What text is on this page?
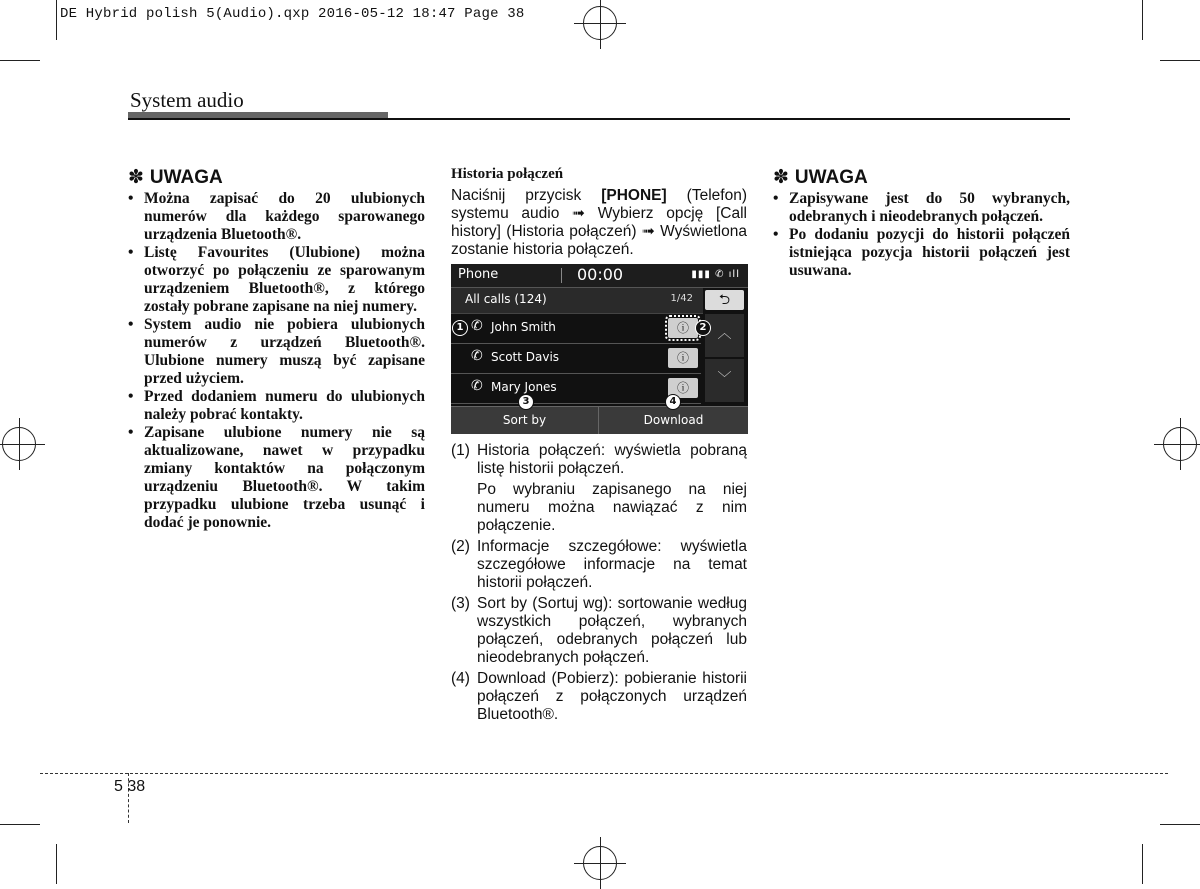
DE Hybrid polish 5(Audio).qxp 2016-05-12 18:47 Page 38
System audio
✽ UWAGA
• Można zapisać do 20 ulubionych numerów dla każdego sparowanego urządzenia Bluetooth®.
• Listę Favourites (Ulubione) można otworzyć po połączeniu ze sparowanym urządzeniem Bluetooth®, z którego zostały pobrane zapisane na niej numery.
• System audio nie pobiera ulubionych numerów z urządzeń Bluetooth®. Ulubione numery muszą być zapisane przed użyciem.
• Przed dodaniem numeru do ulubionych należy pobrać kontakty.
• Zapisane ulubione numery nie są aktualizowane, nawet w przypadku zmiany kontaktów na połączonym urządzeniu Bluetooth®. W takim przypadku ulubione trzeba usunąć i dodać je ponownie.
Historia połączeń
Naciśnij przycisk [PHONE] (Telefon) systemu audio ➟ Wybierz opcję [Call history] (Historia połączeń) ➟ Wyświetlona zostanie historia połączeń.
Phone	00:00	▮▮▮ ✆ ıll
All calls (124)	1/42	⮌
✆ John Smith	ⓘ
✆ Scott Davis	ⓘ
✆ Mary Jones	ⓘ
︿
﹀
Sort by	Download
1	2
3	4
(1) Historia połączeń: wyświetla pobraną listę historii połączeń.

Po wybraniu zapisanego na niej numeru można nawiązać z nim połączenie.

(2) Informacje szczegółowe: wyświetla szczegółowe informacje na temat historii połączeń.

(3) Sort by (Sortuj wg): sortowanie według wszystkich połączeń, wybranych połączeń, odebranych połączeń lub nieodebranych połączeń.

(4) Download (Pobierz): pobieranie historii połączeń z połączonych urządzeń Bluetooth®.

✽ UWAGA
• Zapisywane jest do 50 wybranych, odebranych i nieodebranych połączeń.
• Po dodaniu pozycji do historii połączeń istniejąca pozycja historii połączeń jest usuwana.
5 38
